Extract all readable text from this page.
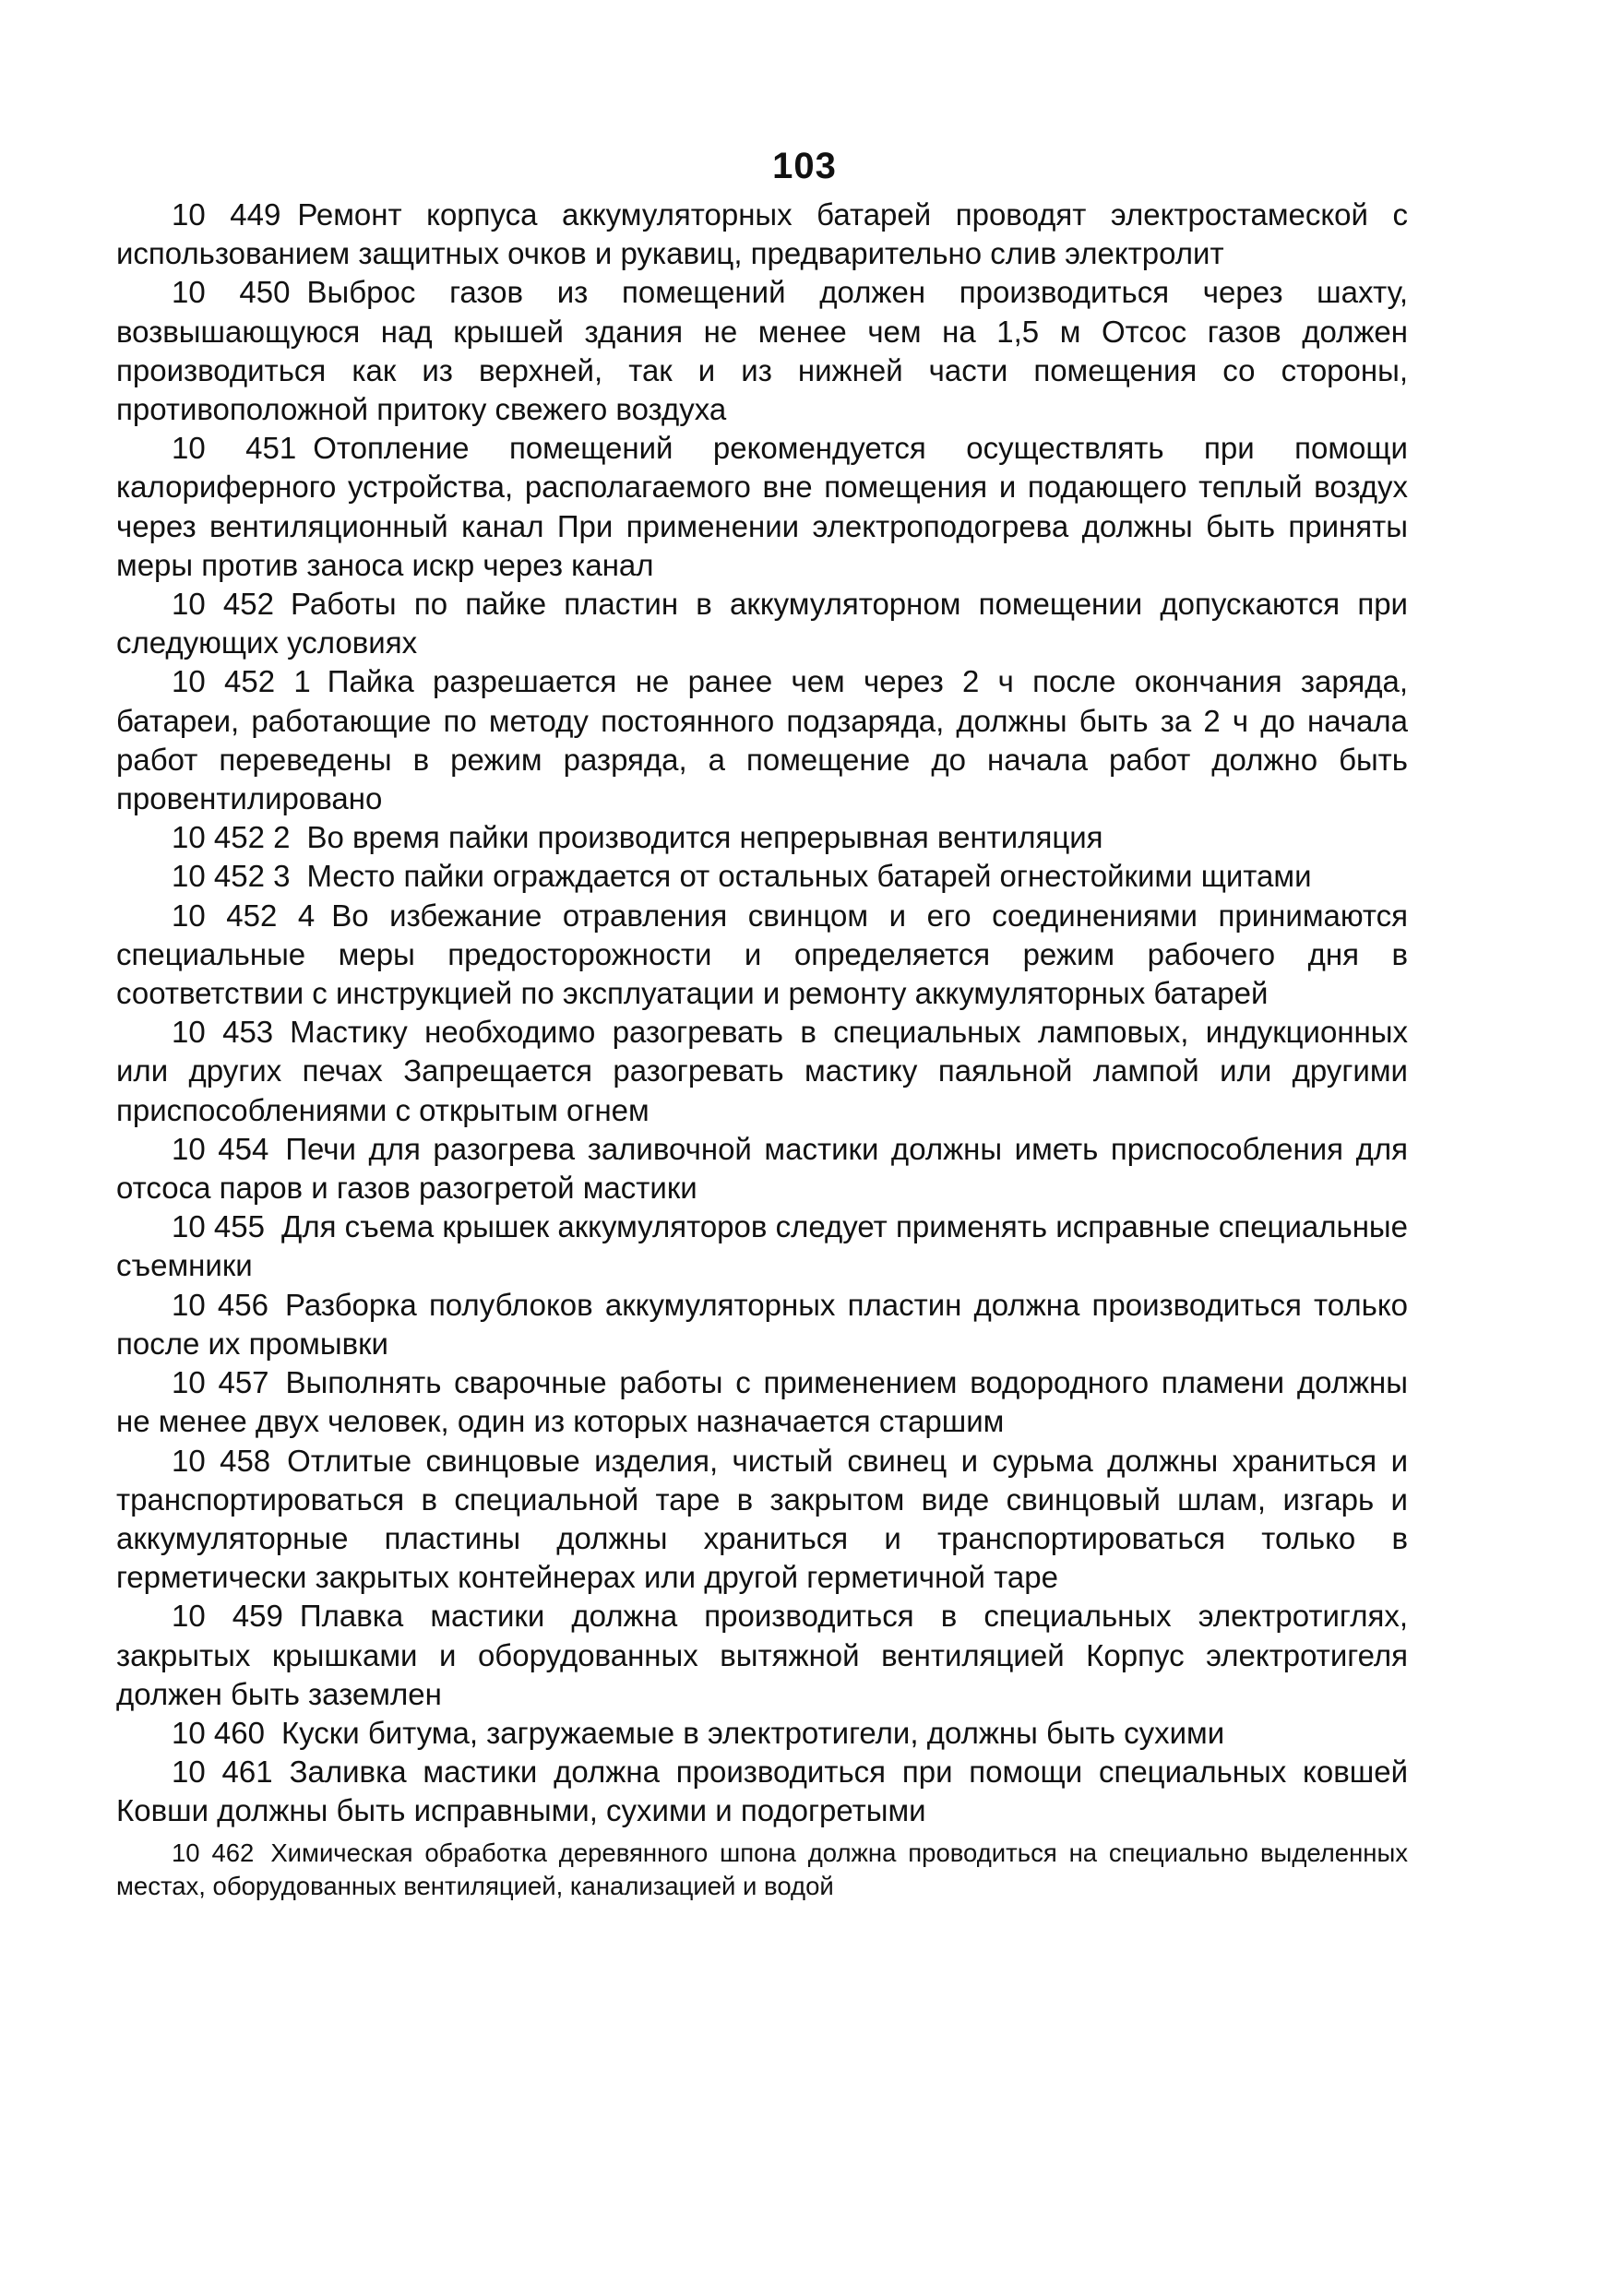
103

10 449 Ремонт корпуса аккумуляторных батарей проводят электростамеской с использованием защитных очков и рукавиц, предварительно слив электролит

10 450 Выброс газов из помещений должен производиться через шахту, возвышающуюся над крышей здания не менее чем на 1,5 м Отсос газов должен производиться как из верхней, так и из нижней части помещения со стороны, противоположной притоку свежего воздуха

10 451 Отопление помещений рекомендуется осуществлять при помощи калориферного устройства, располагаемого вне помещения и подающего теплый воздух через вентиляционный канал При применении электроподогрева должны быть приняты меры против заноса искр через канал

10 452 Работы по пайке пластин в аккумуляторном помещении допускаются при следующих условиях

10 452 1 Пайка разрешается не ранее чем через 2 ч после окончания заряда, батареи, работающие по методу постоянного подзаряда, должны быть за 2 ч до начала работ переведены в режим разряда, а помещение до начала работ должно быть провентилировано

10 452 2 Во время пайки производится непрерывная вентиляция

10 452 3 Место пайки ограждается от остальных батарей огнестойкими щитами

10 452 4 Во избежание отравления свинцом и его соединениями принимаются специальные меры предосторожности и определяется режим рабочего дня в соответствии с инструкцией по эксплуатации и ремонту аккумуляторных батарей

10 453 Мастику необходимо разогревать в специальных ламповых, индукционных или других печах Запрещается разогревать мастику паяльной лампой или другими приспособлениями с открытым огнем

10 454 Печи для разогрева заливочной мастики должны иметь приспособления для отсоса паров и газов разогретой мастики

10 455 Для съема крышек аккумуляторов следует применять исправные специальные съемники

10 456 Разборка полублоков аккумуляторных пластин должна производиться только после их промывки

10 457 Выполнять сварочные работы с применением водородного пламени должны не менее двух человек, один из которых назначается старшим

10 458 Отлитые свинцовые изделия, чистый свинец и сурьма должны храниться и транспортироваться в специальной таре в закрытом виде свинцовый шлам, изгарь и аккумуляторные пластины должны храниться и транспортироваться только в герметически закрытых контейнерах или другой герметичной таре

10 459 Плавка мастики должна производиться в специальных электротиглях, закрытых крышками и оборудованных вытяжной вентиляцией Корпус электротигеля должен быть заземлен

10 460 Куски битума, загружаемые в электротигели, должны быть сухими

10 461 Заливка мастики должна производиться при помощи специальных ковшей Ковши должны быть исправными, сухими и подогретыми

10 462 Химическая обработка деревянного шпона должна проводиться на специально выделенных местах, оборудованных вентиляцией, канализацией и водой
